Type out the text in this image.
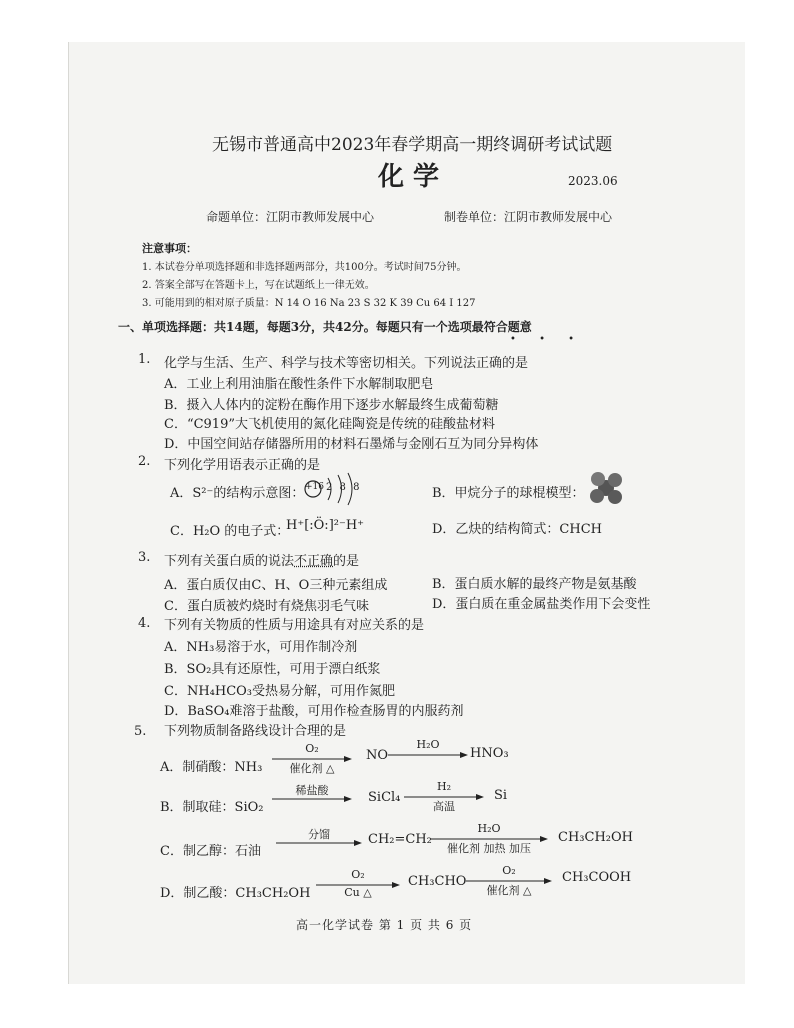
无锡市普通高中2023年春学期高一期终调研考试试题
化 学	2023.06
命题单位：江阴市教师发展中心	制卷单位：江阴市教师发展中心
注意事项：
1. 本试卷分单项选择题和非选择题两部分，共100分。考试时间75分钟。
2. 答案全部写在答题卡上，写在试题纸上一律无效。
3. 可能用到的相对原子质量：N 14 O 16 Na 23 S 32 K 39 Cu 64 I 127
一、单项选择题：共14题，每题3分，共42分。每题只有一个选项最符合题意
• • •
1. 化学与生活、生产、科学与技术等密切相关。下列说法正确的是
A．工业上利用油脂在酸性条件下水解制取肥皂
B．摄入人体内的淀粉在酶作用下逐步水解最终生成葡萄糖
C．“C919”大飞机使用的氮化硅陶瓷是传统的硅酸盐材料
D．中国空间站存储器所用的材料石墨烯与金刚石互为同分异构体
2. 下列化学用语表示正确的是
A．S²⁻的结构示意图： +16 2 8 8	B．甲烷分子的球棍模型：
C．H₂O 的电子式：
H⁺[:Ö:]²⁻H⁺	D．乙炔的结构简式：CHCH
3. 下列有关蛋白质的说法不正确的是
A．蛋白质仅由C、H、O三种元素组成	B．蛋白质水解的最终产物是氨基酸
C．蛋白质被灼烧时有烧焦羽毛气味	D．蛋白质在重金属盐类作用下会变性
4. 下列有关物质的性质与用途具有对应关系的是
A．NH₃易溶于水，可用作制冷剂
B．SO₂具有还原性，可用于漂白纸浆
C．NH₄HCO₃受热易分解，可用作氮肥
D．BaSO₄难溶于盐酸，可用作检查肠胃的内服药剂
5. 下列物质制备路线设计合理的是
A．制硝酸：NH₃
O₂
催化剂 △
NO
H₂O
HNO₃
B．制取硅：SiO₂
稀盐酸	SiCl₄
H₂
高温
Si
C．制乙醇：石油
分馏	CH₂=CH₂
H₂O
催化剂 加热 加压
CH₃CH₂OH
D．制乙酸：CH₃CH₂OH
O₂
Cu △
CH₃CHO
O₂
催化剂 △
CH₃COOH
高一化学试卷 第 1 页 共 6 页
